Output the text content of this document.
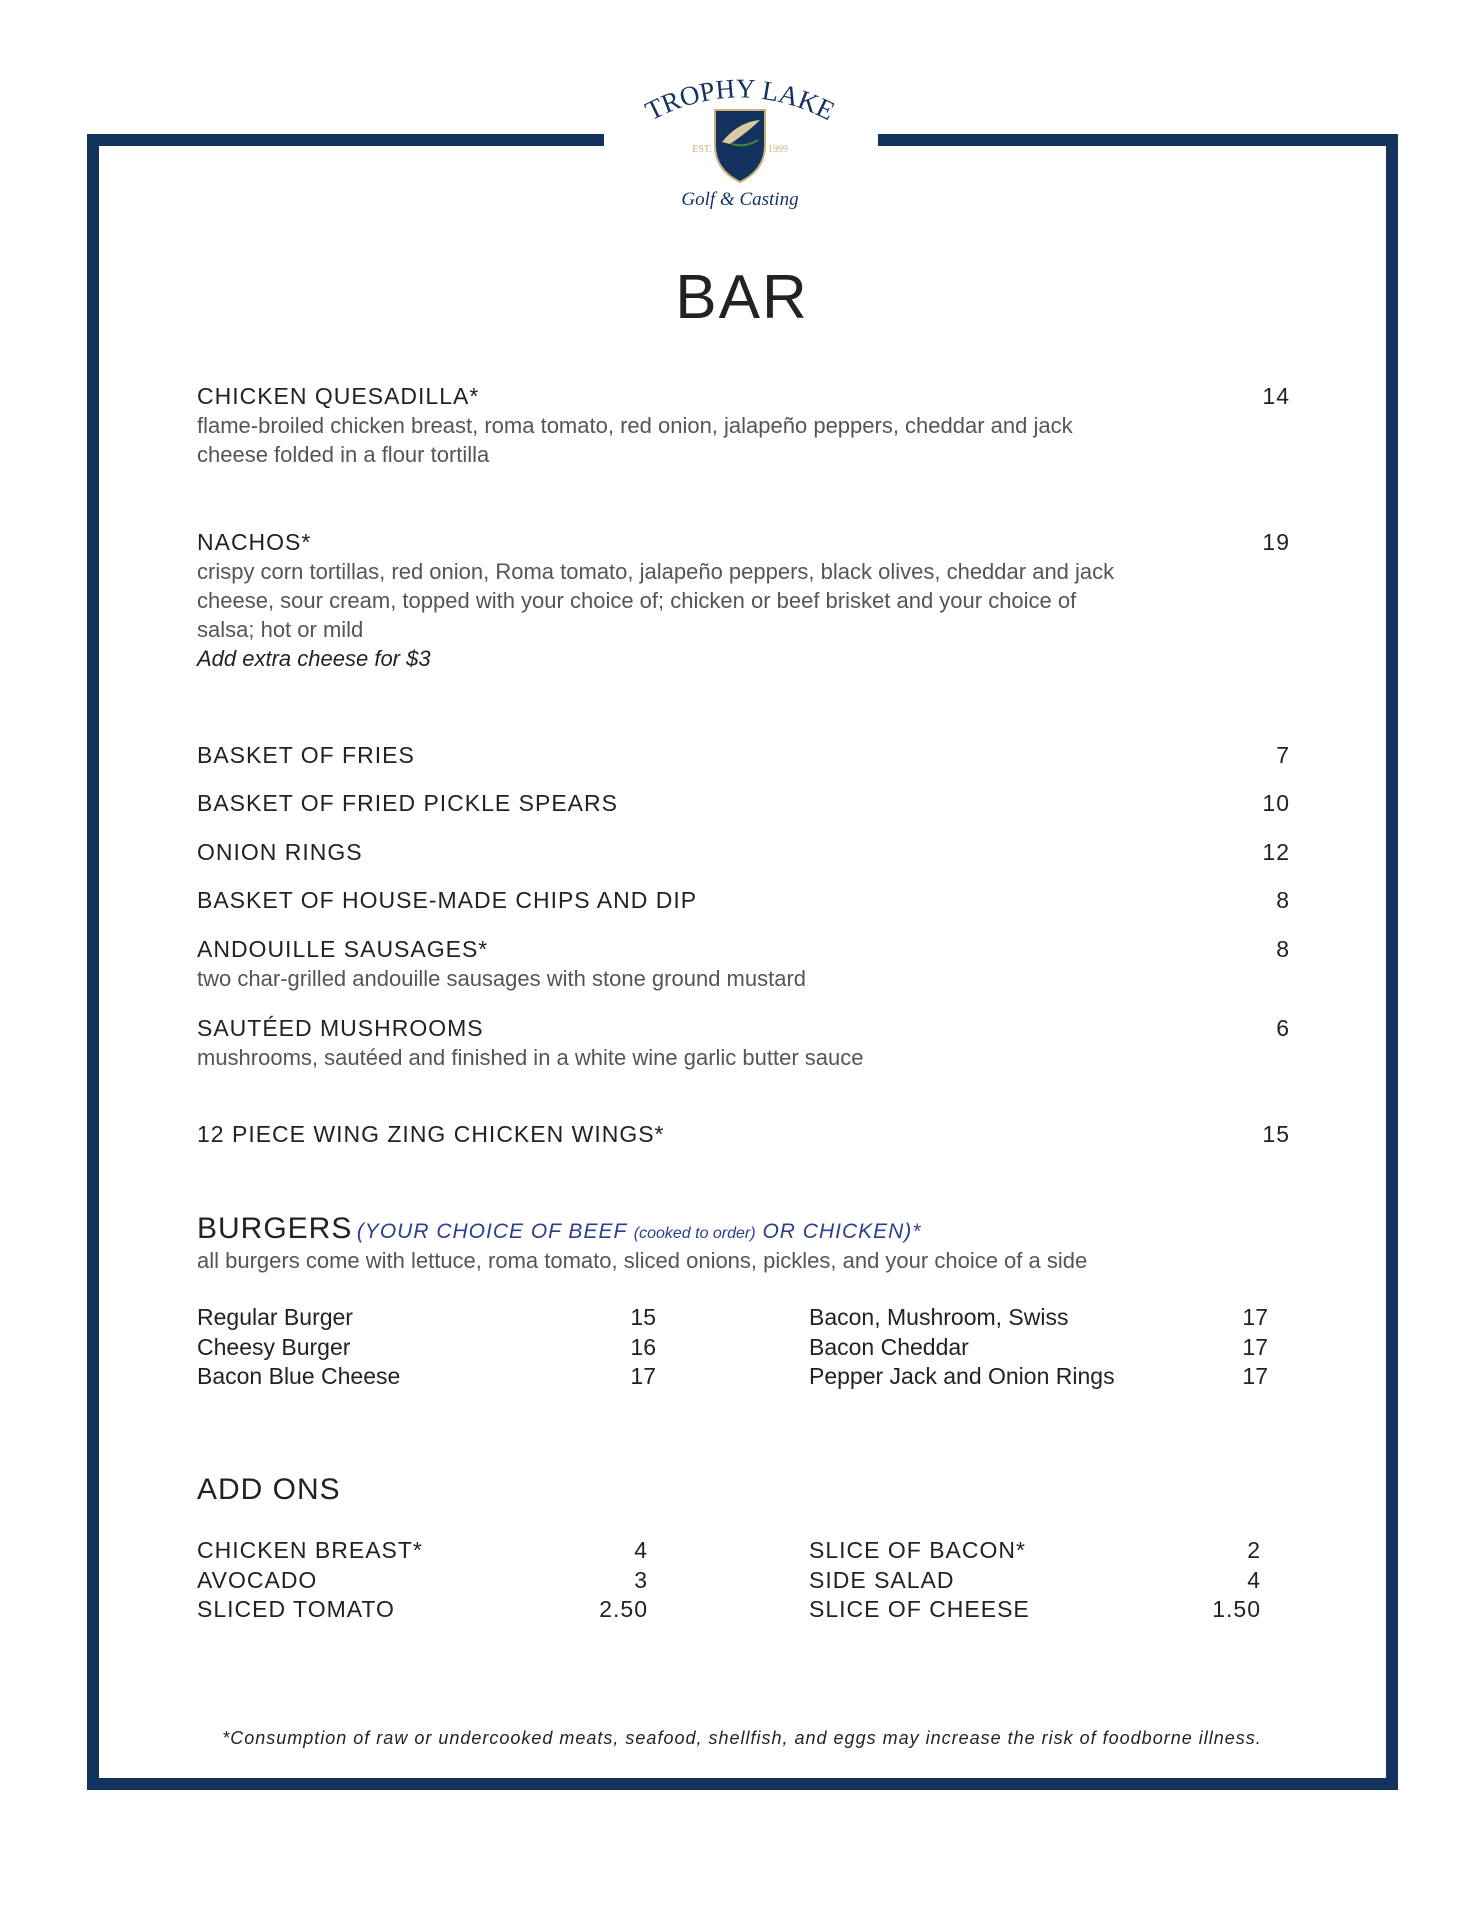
TROPHY LAKE
EST.	1999
Golf & Casting
BAR
CHICKEN QUESADILLA*	14
flame-broiled chicken breast, roma tomato, red onion, jalapeño peppers, cheddar and jack
cheese folded in a flour tortilla
NACHOS*	19
crispy corn tortillas, red onion, Roma tomato, jalapeño peppers, black olives, cheddar and jack
cheese, sour cream, topped with your choice of; chicken or beef brisket and your choice of
salsa; hot or mild
Add extra cheese for $3
BASKET OF FRIES	7
BASKET OF FRIED PICKLE SPEARS	10
ONION RINGS	12
BASKET OF HOUSE-MADE CHIPS AND DIP	8
ANDOUILLE SAUSAGES*	8
two char-grilled andouille sausages with stone ground mustard
SAUTÉED MUSHROOMS	6
mushrooms, sautéed and finished in a white wine garlic butter sauce
12 PIECE WING ZING CHICKEN WINGS*	15
BURGERS (YOUR CHOICE OF BEEF (cooked to order) OR CHICKEN)*
all burgers come with lettuce, roma tomato, sliced onions, pickles, and your choice of a side
Regular Burger	15
Cheesy Burger	16
Bacon Blue Cheese	17
Bacon, Mushroom, Swiss	17
Bacon Cheddar	17
Pepper Jack and Onion Rings	17
ADD ONS
CHICKEN BREAST*	4
AVOCADO	3
SLICED TOMATO	2.50
SLICE OF BACON*	2
SIDE SALAD	4
SLICE OF CHEESE	1.50
*Consumption of raw or undercooked meats, seafood, shellfish, and eggs may increase the risk of foodborne illness.
